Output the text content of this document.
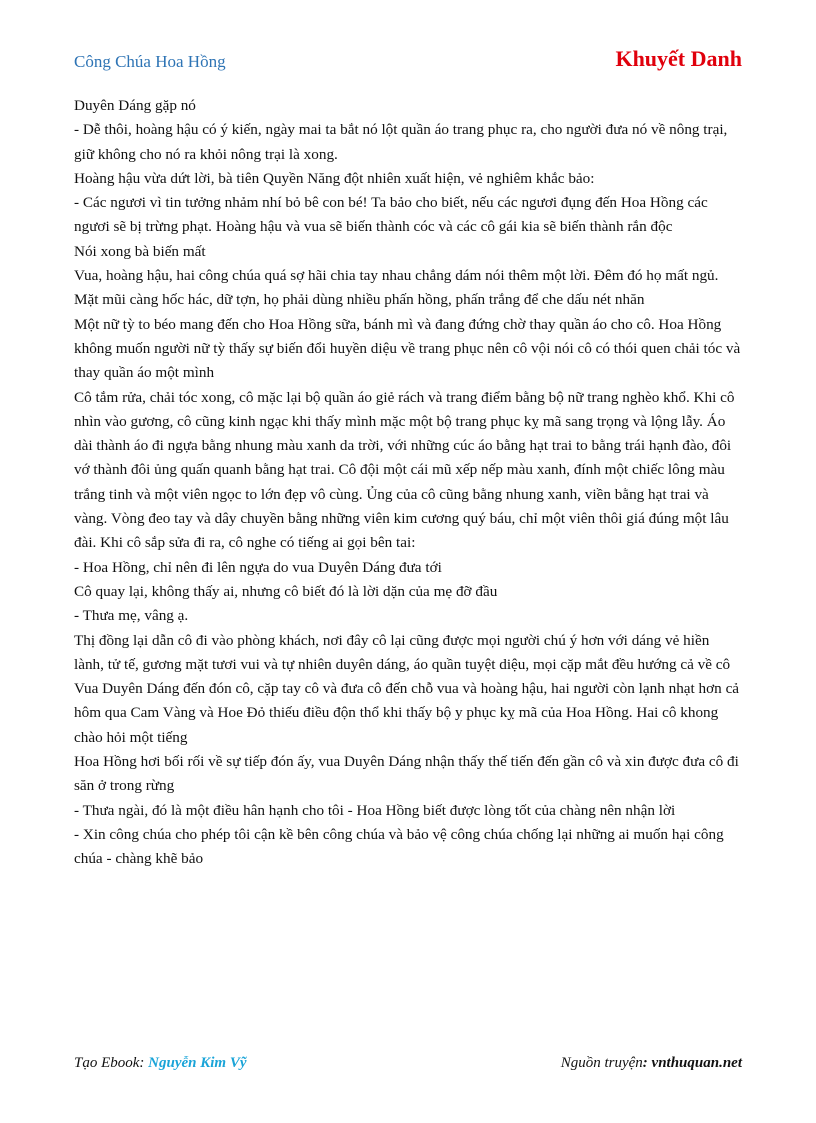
Công Chúa Hoa Hồng	Khuyết Danh

Duyên Dáng gặp nó

- Dễ thôi, hoàng hậu có ý kiến, ngày mai ta bắt nó lột quần áo trang phục ra, cho người đưa nó về nông trại, giữ không cho nó ra khỏi nông trại là xong.

Hoàng hậu vừa dứt lời, bà tiên Quyền Năng đột nhiên xuất hiện, vẻ nghiêm khắc bảo:

- Các ngươi vì tin tưởng nhảm nhí bỏ bê con bé! Ta bảo cho biết, nếu các ngươi đụng đến Hoa Hồng các ngươi sẽ bị trừng phạt. Hoàng hậu và vua sẽ biến thành cóc và các cô gái kia sẽ biến thành rắn độc

Nói xong bà biến mất

Vua, hoàng hậu, hai công chúa quá sợ hãi chia tay nhau chẳng dám nói thêm một lời. Đêm đó họ mất ngủ. Mặt mũi càng hốc hác, dữ tợn, họ phải dùng nhiều phấn hồng, phấn trắng để che dấu nét nhăn

Một nữ tỳ to béo mang đến cho Hoa Hồng sữa, bánh mì và đang đứng chờ thay quần áo cho cô. Hoa Hồng không muốn người nữ tỳ thấy sự biến đổi huyền diệu về trang phục nên cô vội nói cô có thói quen chải tóc và thay quần áo một mình

Cô tắm rửa, chải tóc xong, cô mặc lại bộ quần áo giẻ rách và trang điểm bằng bộ nữ trang nghèo khổ. Khi cô nhìn vào gương, cô cũng kinh ngạc khi thấy mình mặc một bộ trang phục kỵ mã sang trọng và lộng lẫy. Áo dài thành áo đi ngựa bằng nhung màu xanh da trời, với những cúc áo bằng hạt trai to bằng trái hạnh đào, đôi vớ thành đôi ủng quấn quanh bằng hạt trai. Cô đội một cái mũ xếp nếp màu xanh, đính một chiếc lông màu trắng tinh và một viên ngọc to lớn đẹp vô cùng. Ủng của cô cũng bằng nhung xanh, viền bằng hạt trai và vàng. Vòng đeo tay và dây chuyền bằng những viên kim cương quý báu, chỉ một viên thôi giá đúng một lâu đài. Khi cô sắp sửa đi ra, cô nghe có tiếng ai gọi bên tai:

- Hoa Hồng, chỉ nên đi lên ngựa do vua Duyên Dáng đưa tới

Cô quay lại, không thấy ai, nhưng cô biết đó là lời dặn của mẹ đỡ đầu

- Thưa mẹ, vâng ạ.

Thị đồng lại dẫn cô đi vào phòng khách, nơi đây cô lại cũng được mọi người chú ý hơn với dáng vẻ hiền lành, tử tế, gương mặt tươi vui và tự nhiên duyên dáng, áo quần tuyệt diệu, mọi cặp mắt đều hướng cả về cô Vua Duyên Dáng đến đón cô, cặp tay cô và đưa cô đến chỗ vua và hoàng hậu, hai người còn lạnh nhạt hơn cả hôm qua Cam Vàng và Hoe Đỏ thiếu điều độn thổ khi thấy bộ y phục kỵ mã của Hoa Hồng. Hai cô khong chào hỏi một tiếng

Hoa Hồng hơi bối rối về sự tiếp đón ấy, vua Duyên Dáng nhận thấy thế tiến đến gần cô và xin được đưa cô đi săn ở trong rừng

- Thưa ngài, đó là một điều hân hạnh cho tôi - Hoa Hồng biết được lòng tốt của chàng nên nhận lời

- Xin công chúa cho phép tôi cận kề bên công chúa và bảo vệ công chúa chống lại những ai muốn hại công chúa - chàng khẽ bảo

Tạo Ebook: Nguyễn Kim Vỹ	Nguồn truyện: vnthuquan.net
